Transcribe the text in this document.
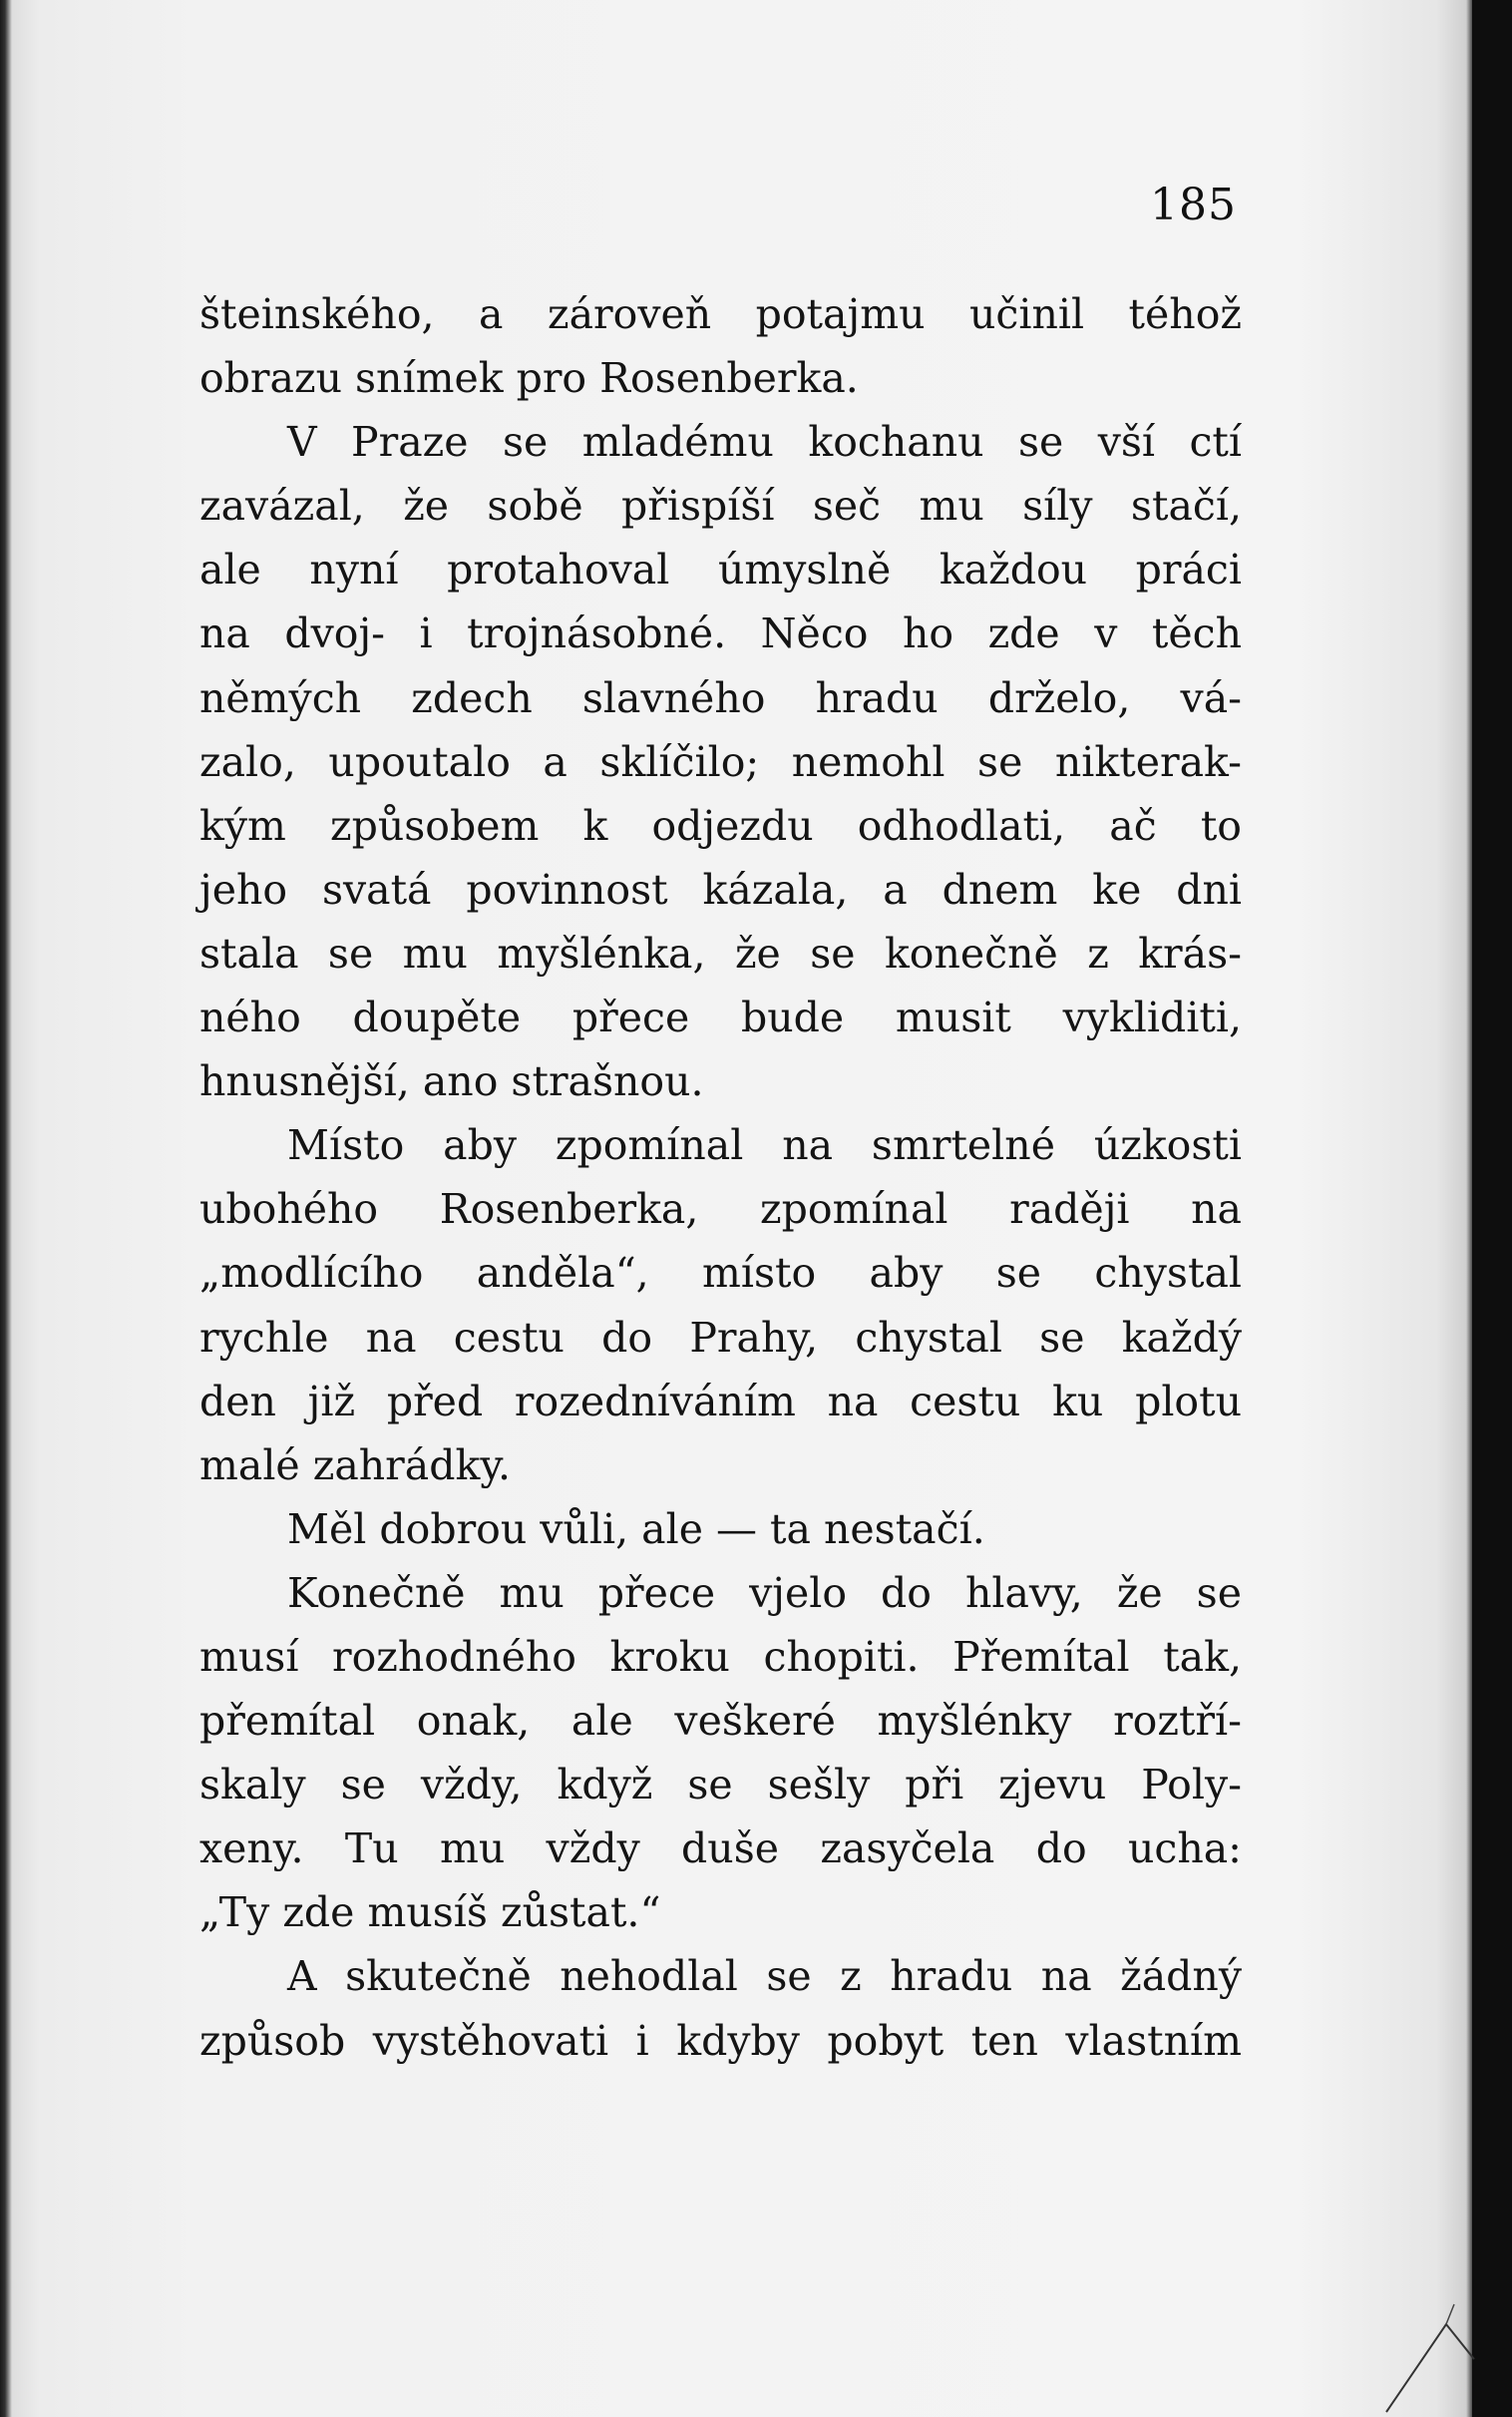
185
šteinského, a zároveň potajmu učinil téhož
obrazu snímek pro Rosenberka.
V Praze se mladému kochanu se vší ctí
zavázal, že sobě přispíší seč mu síly stačí,
ale nyní protahoval úmyslně každou práci
na dvoj- i trojnásobné. Něco ho zde v těch
němých zdech slavného hradu drželo, vá-
zalo, upoutalo a sklíčilo; nemohl se nikterak-
kým způsobem k odjezdu odhodlati, ač to
jeho svatá povinnost kázala, a dnem ke dni
stala se mu myšlénka, že se konečně z krás-
ného doupěte přece bude musit vykliditi,
hnusnější, ano strašnou.
Místo aby zpomínal na smrtelné úzkosti
ubohého Rosenberka, zpomínal raději na
„modlícího anděla“, místo aby se chystal
rychle na cestu do Prahy, chystal se každý
den již před rozedníváním na cestu ku plotu
malé zahrádky.
Měl dobrou vůli, ale — ta nestačí.
Konečně mu přece vjelo do hlavy, že se
musí rozhodného kroku chopiti. Přemítal tak,
přemítal onak, ale veškeré myšlénky roztří-
skaly se vždy, když se sešly při zjevu Poly-
xeny. Tu mu vždy duše zasyčela do ucha:
„Ty zde musíš zůstat.“
A skutečně nehodlal se z hradu na žádný
způsob vystěhovati i kdyby pobyt ten vlastním
